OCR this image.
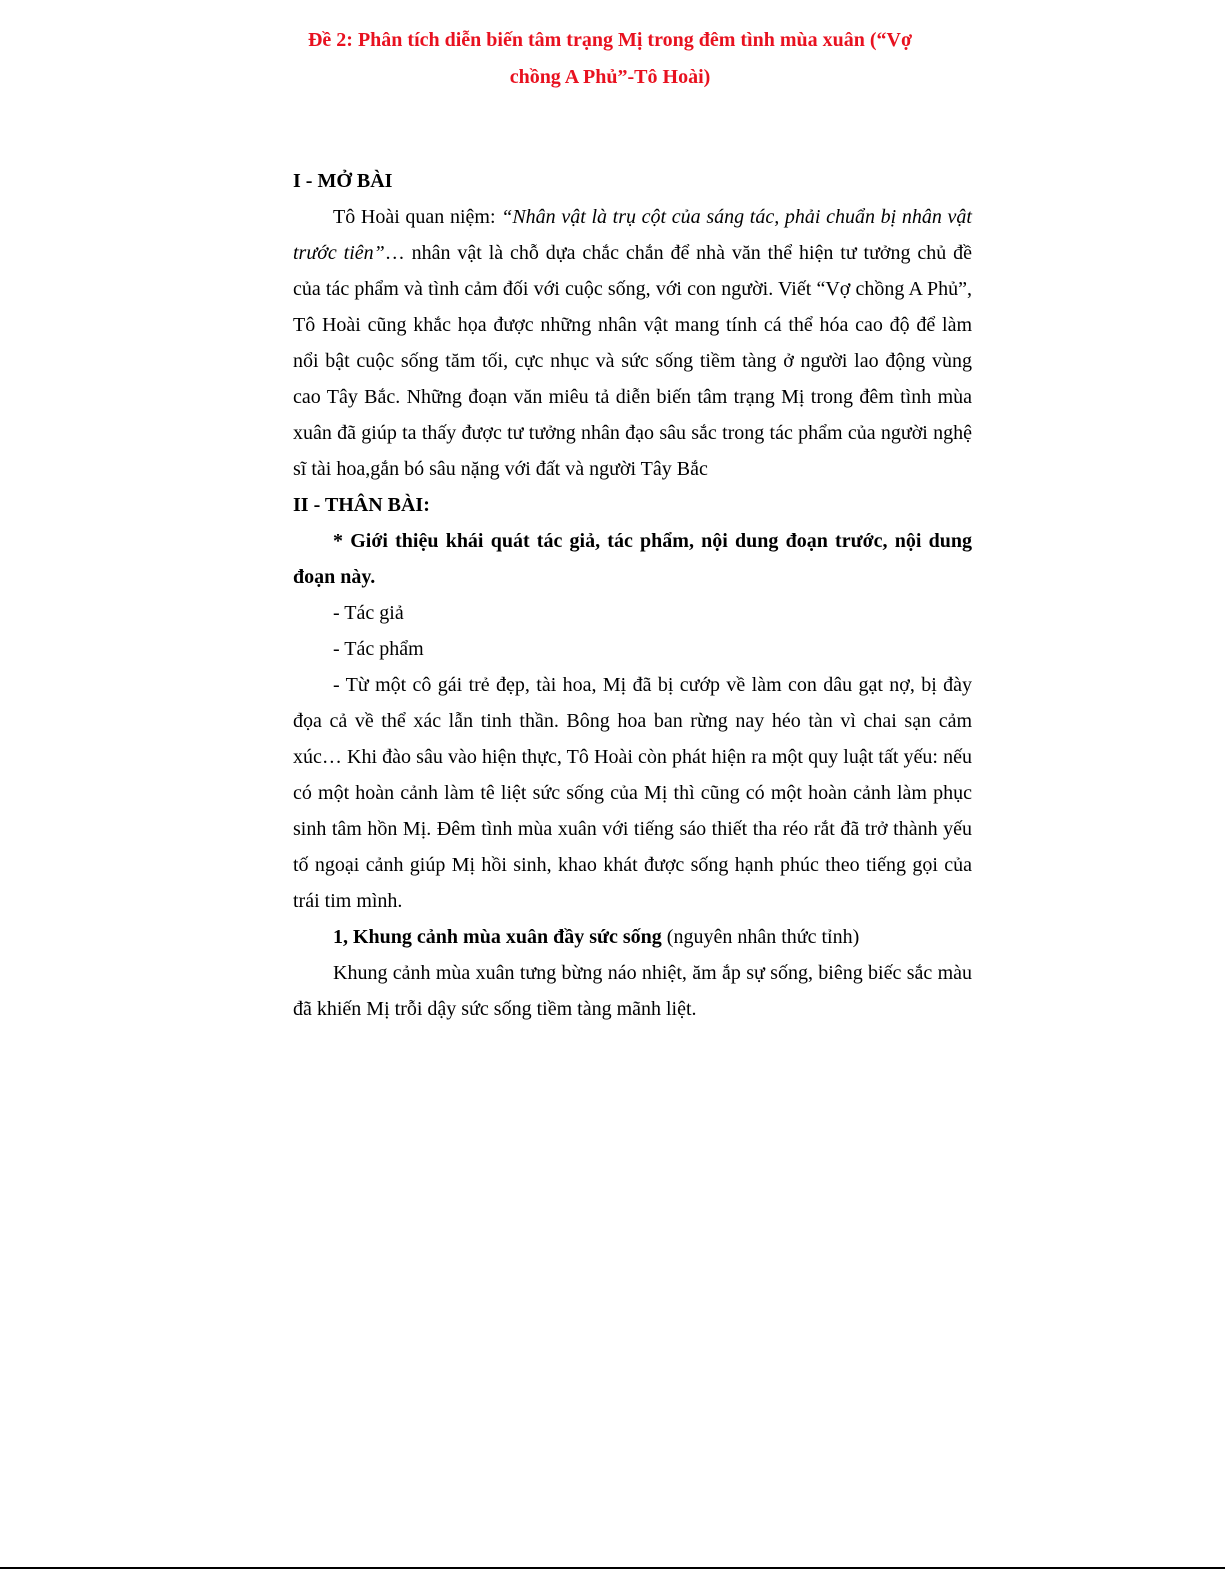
Đề 2: Phân tích diễn biến tâm trạng Mị trong đêm tình mùa xuân (“Vợ
chồng A Phủ”-Tô Hoài)

I - MỞ BÀI

Tô Hoài quan niệm: “Nhân vật là trụ cột của sáng tác, phải chuẩn bị nhân vật trước tiên”… nhân vật là chỗ dựa chắc chắn để nhà văn thể hiện tư tưởng chủ đề của tác phẩm và tình cảm đối với cuộc sống, với con người. Viết “Vợ chồng A Phủ”, Tô Hoài cũng khắc họa được những nhân vật mang tính cá thể hóa cao độ để làm nổi bật cuộc sống tăm tối, cực nhục và sức sống tiềm tàng ở người lao động vùng cao Tây Bắc. Những đoạn văn miêu tả diễn biến tâm trạng Mị trong đêm tình mùa xuân đã giúp ta thấy được tư tưởng nhân đạo sâu sắc trong tác phẩm của người nghệ sĩ tài hoa,gắn bó sâu nặng với đất và người Tây Bắc

II - THÂN BÀI:

* Giới thiệu khái quát tác giả, tác phẩm, nội dung đoạn trước, nội dung đoạn này.

- Tác giả

- Tác phẩm

- Từ một cô gái trẻ đẹp, tài hoa, Mị đã bị cướp về làm con dâu gạt nợ, bị đày đọa cả về thể xác lẫn tinh thần. Bông hoa ban rừng nay héo tàn vì chai sạn cảm xúc… Khi đào sâu vào hiện thực, Tô Hoài còn phát hiện ra một quy luật tất yếu: nếu có một hoàn cảnh làm tê liệt sức sống của Mị thì cũng có một hoàn cảnh làm phục sinh tâm hồn Mị. Đêm tình mùa xuân với tiếng sáo thiết tha réo rắt đã trở thành yếu tố ngoại cảnh giúp Mị hồi sinh, khao khát được sống hạnh phúc theo tiếng gọi của trái tim mình.

1, Khung cảnh mùa xuân đầy sức sống (nguyên nhân thức tỉnh)

Khung cảnh mùa xuân tưng bừng náo nhiệt, ăm ắp sự sống, biêng biếc sắc màu đã khiến Mị trỗi dậy sức sống tiềm tàng mãnh liệt.
